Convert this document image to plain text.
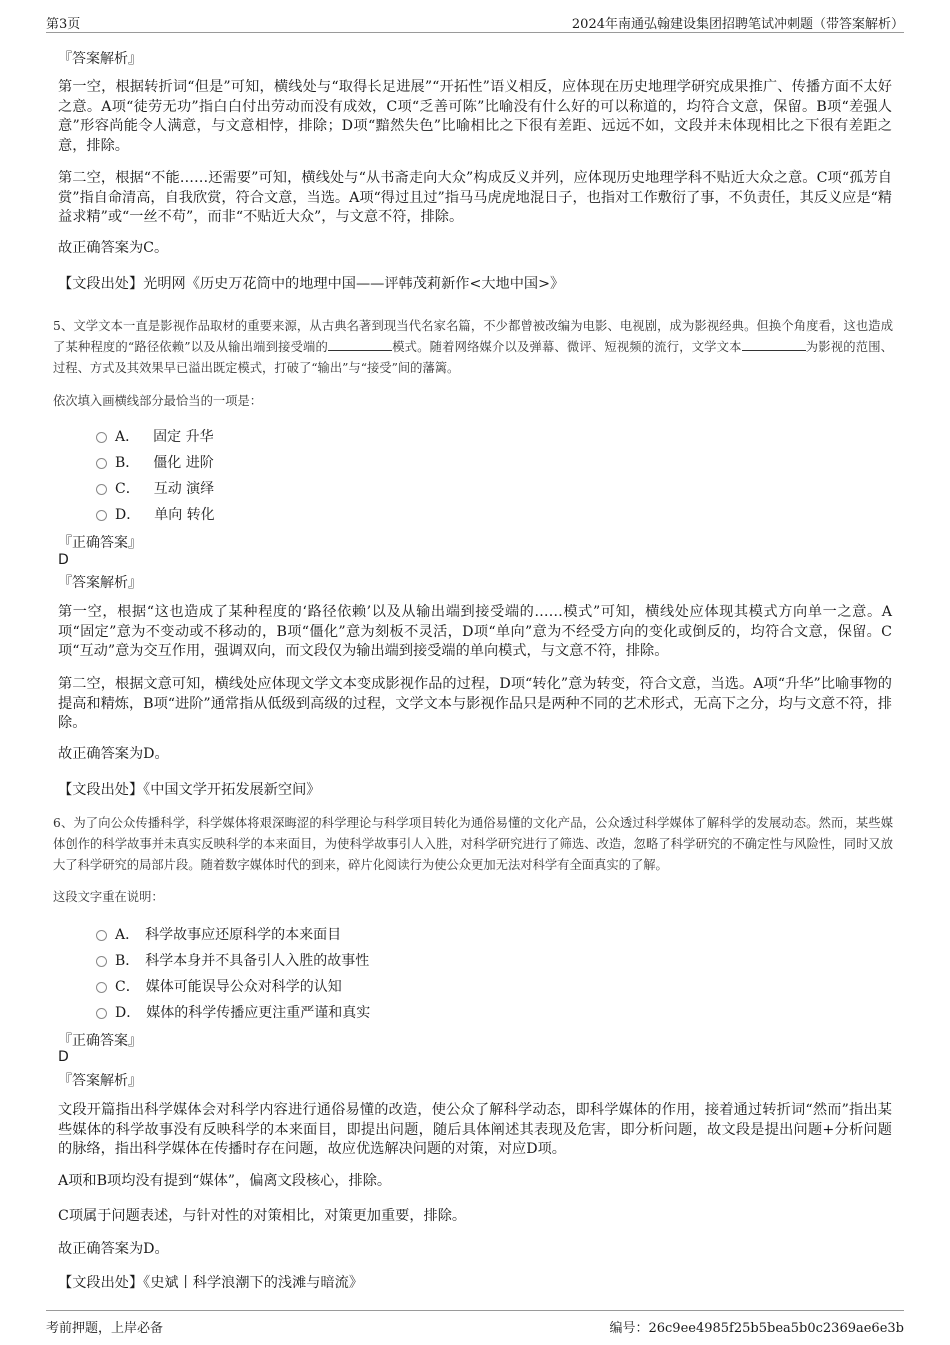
第3页	2024年南通弘翰建设集团招聘笔试冲刺题（带答案解析）
『答案解析』

第一空，根据转折词“但是”可知，横线处与“取得长足进展”“开拓性”语义相反，应体现在历史地理学研究成果推广、传播方面不太好之意。A项“徒劳无功”指白白付出劳动而没有成效，C项“乏善可陈”比喻没有什么好的可以称道的，均符合文意，保留。B项“差强人意”形容尚能令人满意，与文意相悖，排除；D项“黯然失色”比喻相比之下很有差距、远远不如，文段并未体现相比之下很有差距之意，排除。

第二空，根据“不能……还需要”可知，横线处与“从书斋走向大众”构成反义并列，应体现历史地理学科不贴近大众之意。C项“孤芳自赏”指自命清高，自我欣赏，符合文意，当选。A项“得过且过”指马马虎虎地混日子，也指对工作敷衍了事，不负责任，其反义应是“精益求精”或“一丝不苟”，而非“不贴近大众”，与文意不符，排除。

故正确答案为C。

【文段出处】光明网《历史万花筒中的地理中国——评韩茂莉新作<大地中国>》

5、文学文本一直是影视作品取材的重要来源，从古典名著到现当代名家名篇，不少都曾被改编为电影、电视剧，成为影视经典。但换个角度看，这也造成了某种程度的“路径依赖”以及从输出端到接受端的	模式。随着网络媒介以及弹幕、微评、短视频的流行，文学文本	为影视的范围、过程、方式及其效果早已溢出既定模式，打破了“输出”与“接受”间的藩篱。

依次填入画横线部分最恰当的一项是：
A． 固定 升华
B． 僵化 进阶
C． 互动 演绎
D． 单向 转化
『正确答案』
D
『答案解析』

第一空，根据“这也造成了某种程度的‘路径依赖’以及从输出端到接受端的……模式”可知，横线处应体现其模式方向单一之意。A项“固定”意为不变动或不移动的，B项“僵化”意为刻板不灵活，D项“单向”意为不经受方向的变化或倒反的，均符合文意，保留。C项“互动”意为交互作用，强调双向，而文段仅为输出端到接受端的单向模式，与文意不符，排除。

第二空，根据文意可知，横线处应体现文学文本变成影视作品的过程，D项“转化”意为转变，符合文意，当选。A项“升华”比喻事物的提高和精炼，B项“进阶”通常指从低级到高级的过程，文学文本与影视作品只是两种不同的艺术形式，无高下之分，均与文意不符，排除。

故正确答案为D。

【文段出处】《中国文学开拓发展新空间》

6、为了向公众传播科学，科学媒体将艰深晦涩的科学理论与科学项目转化为通俗易懂的文化产品，公众透过科学媒体了解科学的发展动态。然而，某些媒体创作的科学故事并未真实反映科学的本来面目，为使科学故事引人入胜，对科学研究进行了筛选、改造，忽略了科学研究的不确定性与风险性，同时又放大了科学研究的局部片段。随着数字媒体时代的到来，碎片化阅读行为使公众更加无法对科学有全面真实的了解。

这段文字重在说明：
A． 科学故事应还原科学的本来面目
B． 科学本身并不具备引人入胜的故事性
C． 媒体可能误导公众对科学的认知
D． 媒体的科学传播应更注重严谨和真实
『正确答案』
D
『答案解析』

文段开篇指出科学媒体会对科学内容进行通俗易懂的改造，使公众了解科学动态，即科学媒体的作用，接着通过转折词“然而”指出某些媒体的科学故事没有反映科学的本来面目，即提出问题，随后具体阐述其表现及危害，即分析问题，故文段是提出问题+分析问题的脉络，指出科学媒体在传播时存在问题，故应优选解决问题的对策，对应D项。

A项和B项均没有提到“媒体”，偏离文段核心，排除。

C项属于问题表述，与针对性的对策相比，对策更加重要，排除。

故正确答案为D。

【文段出处】《史斌丨科学浪潮下的浅滩与暗流》
考前押题，上岸必备	编号：26c9ee4985f25b5bea5b0c2369ae6e3b
